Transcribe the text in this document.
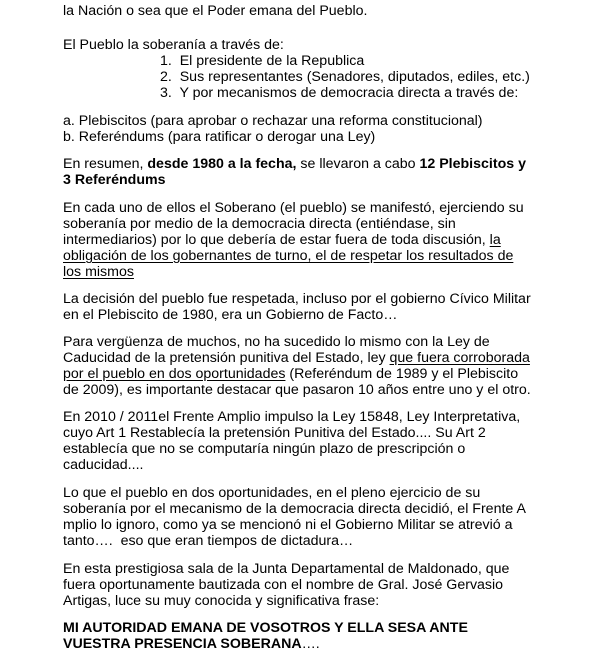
la Nación o sea que el Poder emana del Pueblo.

El Pueblo la soberanía a través de:

1.  El presidente de la Republica

2.  Sus representantes (Senadores, diputados, ediles, etc.)

3.  Y por mecanismos de democracia directa a través de:

a. Plebiscitos (para aprobar o rechazar una reforma constitucional)

b. Referéndums (para ratificar o derogar una Ley)

En resumen, desde 1980 a la fecha, se llevaron a cabo 12 Plebiscitos y

3 Referéndums

En cada uno de ellos el Soberano (el pueblo) se manifestó, ejerciendo su

soberanía por medio de la democracia directa (entiéndase, sin

intermediarios) por lo que debería de estar fuera de toda discusión, la

obligación de los gobernantes de turno, el de respetar los resultados de

los mismos

La decisión del pueblo fue respetada, incluso por el gobierno Cívico Militar

en el Plebiscito de 1980, era un Gobierno de Facto…

Para vergüenza de muchos, no ha sucedido lo mismo con la Ley de

Caducidad de la pretensión punitiva del Estado, ley que fuera corroborada

por el pueblo en dos oportunidades (Referéndum de 1989 y el Plebiscito

de 2009), es importante destacar que pasaron 10 años entre uno y el otro.

En 2010 / 2011el Frente Amplio impulso la Ley 15848, Ley Interpretativa,

cuyo Art 1 Restablecía la pretensión Punitiva del Estado.... Su Art 2

establecía que no se computaría ningún plazo de prescripción o

caducidad....

Lo que el pueblo en dos oportunidades, en el pleno ejercicio de su

soberanía por el mecanismo de la democracia directa decidió, el Frente A

mplio lo ignoro, como ya se mencionó ni el Gobierno Militar se atrevió a

tanto….  eso que eran tiempos de dictadura…

En esta prestigiosa sala de la Junta Departamental de Maldonado, que

fuera oportunamente bautizada con el nombre de Gral. José Gervasio

Artigas, luce su muy conocida y significativa frase:

MI AUTORIDAD EMANA DE VOSOTROS Y ELLA SESA ANTE

VUESTRA PRESENCIA SOBERANA….
